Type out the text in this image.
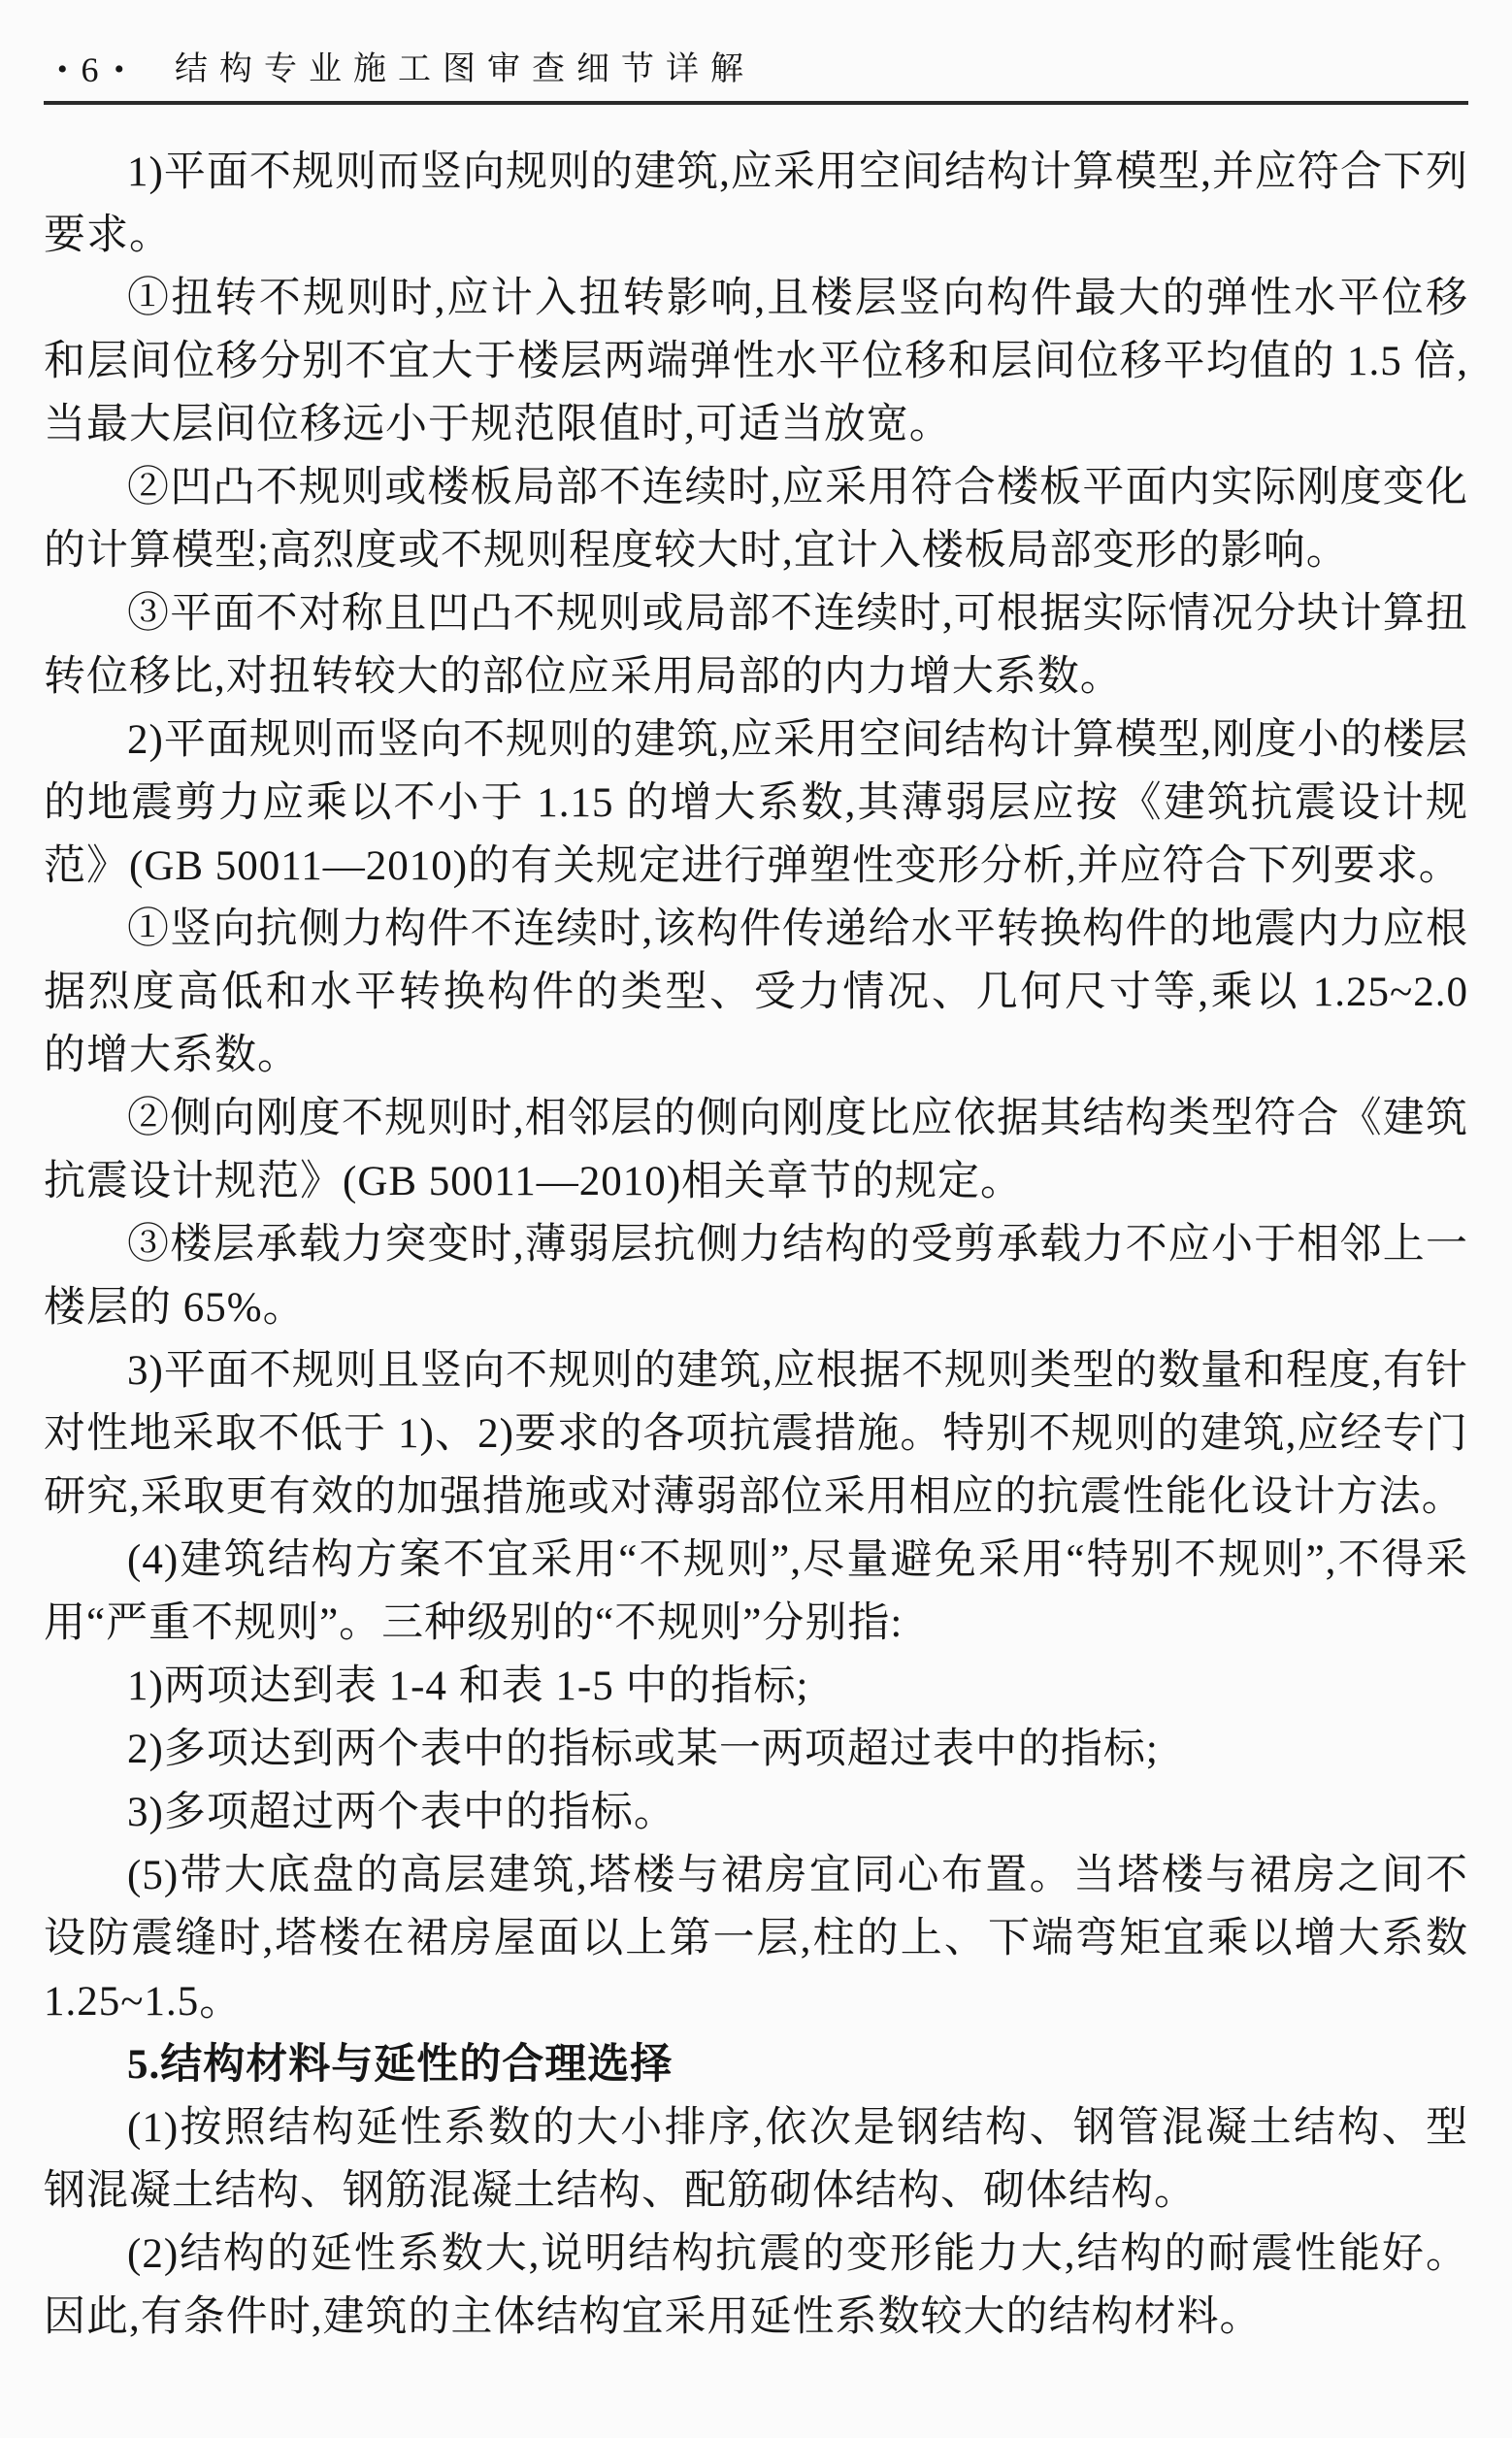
• 6 • 结构专业施工图审查细节详解

1)平面不规则而竖向规则的建筑,应采用空间结构计算模型,并应符合下列要求。

①扭转不规则时,应计入扭转影响,且楼层竖向构件最大的弹性水平位移和层间位移分别不宜大于楼层两端弹性水平位移和层间位移平均值的 1.5 倍,当最大层间位移远小于规范限值时,可适当放宽。

②凹凸不规则或楼板局部不连续时,应采用符合楼板平面内实际刚度变化的计算模型;高烈度或不规则程度较大时,宜计入楼板局部变形的影响。

③平面不对称且凹凸不规则或局部不连续时,可根据实际情况分块计算扭转位移比,对扭转较大的部位应采用局部的内力增大系数。

2)平面规则而竖向不规则的建筑,应采用空间结构计算模型,刚度小的楼层的地震剪力应乘以不小于 1.15 的增大系数,其薄弱层应按《建筑抗震设计规范》(GB 50011—2010)的有关规定进行弹塑性变形分析,并应符合下列要求。

①竖向抗侧力构件不连续时,该构件传递给水平转换构件的地震内力应根据烈度高低和水平转换构件的类型、受力情况、几何尺寸等,乘以 1.25~2.0 的增大系数。

②侧向刚度不规则时,相邻层的侧向刚度比应依据其结构类型符合《建筑抗震设计规范》(GB 50011—2010)相关章节的规定。

③楼层承载力突变时,薄弱层抗侧力结构的受剪承载力不应小于相邻上一楼层的 65%。

3)平面不规则且竖向不规则的建筑,应根据不规则类型的数量和程度,有针对性地采取不低于 1)、2)要求的各项抗震措施。特别不规则的建筑,应经专门研究,采取更有效的加强措施或对薄弱部位采用相应的抗震性能化设计方法。

(4)建筑结构方案不宜采用“不规则”,尽量避免采用“特别不规则”,不得采用“严重不规则”。三种级别的“不规则”分别指:

1)两项达到表 1-4 和表 1-5 中的指标;

2)多项达到两个表中的指标或某一两项超过表中的指标;

3)多项超过两个表中的指标。

(5)带大底盘的高层建筑,塔楼与裙房宜同心布置。当塔楼与裙房之间不设防震缝时,塔楼在裙房屋面以上第一层,柱的上、下端弯矩宜乘以增大系数 1.25~1.5。

5.结构材料与延性的合理选择

(1)按照结构延性系数的大小排序,依次是钢结构、钢管混凝土结构、型钢混凝土结构、钢筋混凝土结构、配筋砌体结构、砌体结构。

(2)结构的延性系数大,说明结构抗震的变形能力大,结构的耐震性能好。因此,有条件时,建筑的主体结构宜采用延性系数较大的结构材料。
